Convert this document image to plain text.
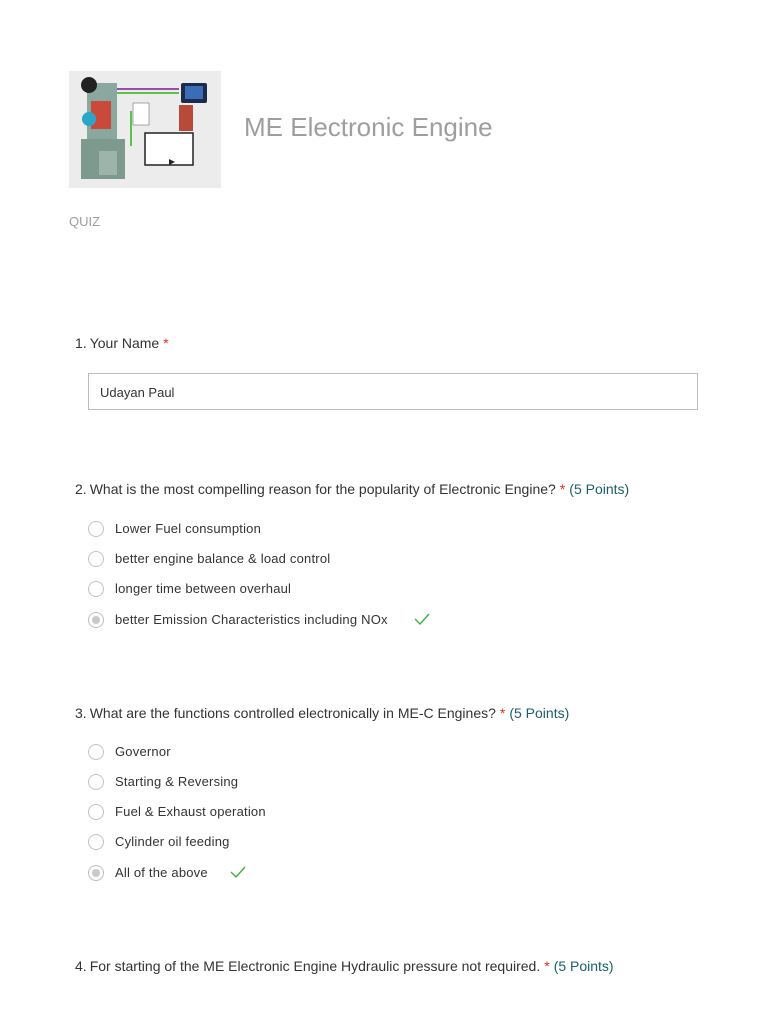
ME Electronic Engine
QUIZ
1. Your Name *
Udayan Paul
2. What is the most compelling reason for the popularity of Electronic Engine? * (5 Points)
Lower Fuel consumption
better engine balance & load control
longer time between overhaul
better Emission Characteristics including NOx
3. What are the functions controlled electronically in ME-C Engines? * (5 Points)
Governor
Starting & Reversing
Fuel & Exhaust operation
Cylinder oil feeding
All of the above
4. For starting of the ME Electronic Engine Hydraulic pressure not required. * (5 Points)
